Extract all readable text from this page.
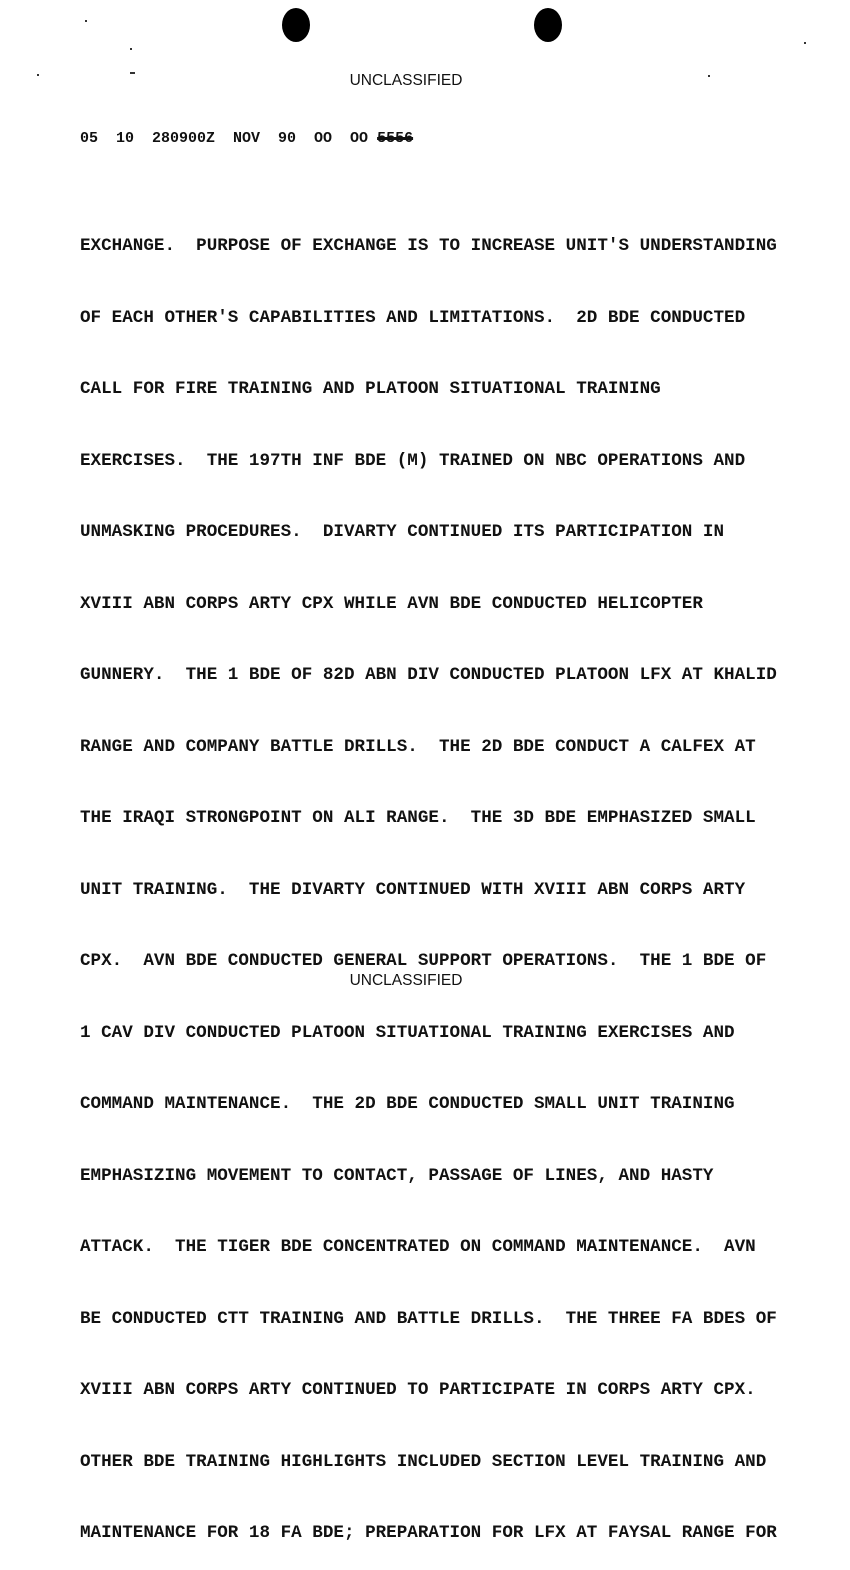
UNCLASSIFIED
05  10  280900Z  NOV  90  OO  OO 5556

EXCHANGE.  PURPOSE OF EXCHANGE IS TO INCREASE UNIT'S UNDERSTANDING

OF EACH OTHER'S CAPABILITIES AND LIMITATIONS.  2D BDE CONDUCTED

CALL FOR FIRE TRAINING AND PLATOON SITUATIONAL TRAINING

EXERCISES.  THE 197TH INF BDE (M) TRAINED ON NBC OPERATIONS AND

UNMASKING PROCEDURES.  DIVARTY CONTINUED ITS PARTICIPATION IN

XVIII ABN CORPS ARTY CPX WHILE AVN BDE CONDUCTED HELICOPTER

GUNNERY.  THE 1 BDE OF 82D ABN DIV CONDUCTED PLATOON LFX AT KHALID

RANGE AND COMPANY BATTLE DRILLS.  THE 2D BDE CONDUCT A CALFEX AT

THE IRAQI STRONGPOINT ON ALI RANGE.  THE 3D BDE EMPHASIZED SMALL

UNIT TRAINING.  THE DIVARTY CONTINUED WITH XVIII ABN CORPS ARTY

CPX.  AVN BDE CONDUCTED GENERAL SUPPORT OPERATIONS.  THE 1 BDE OF

1 CAV DIV CONDUCTED PLATOON SITUATIONAL TRAINING EXERCISES AND

COMMAND MAINTENANCE.  THE 2D BDE CONDUCTED SMALL UNIT TRAINING

EMPHASIZING MOVEMENT TO CONTACT, PASSAGE OF LINES, AND HASTY

ATTACK.  THE TIGER BDE CONCENTRATED ON COMMAND MAINTENANCE.  AVN

BE CONDUCTED CTT TRAINING AND BATTLE DRILLS.  THE THREE FA BDES OF

XVIII ABN CORPS ARTY CONTINUED TO PARTICIPATE IN CORPS ARTY CPX.

OTHER BDE TRAINING HIGHLIGHTS INCLUDED SECTION LEVEL TRAINING AND

MAINTENANCE FOR 18 FA BDE; PREPARATION FOR LFX AT FAYSAL RANGE FOR

UNCLASSIFIED
